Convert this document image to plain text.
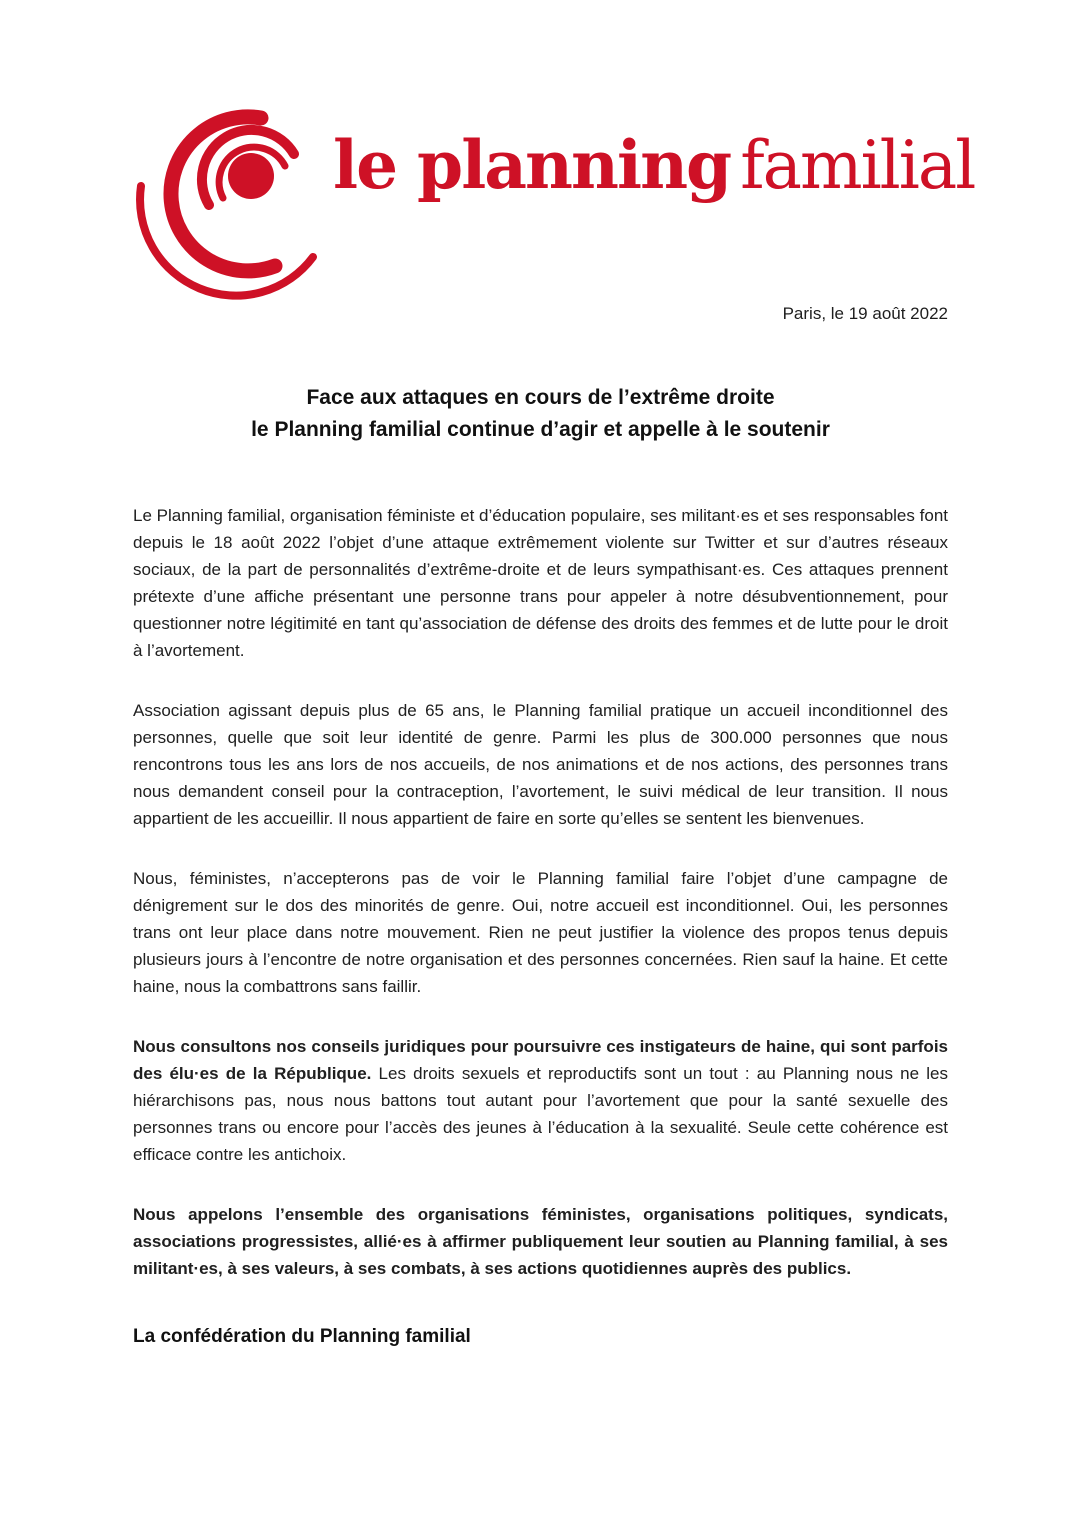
le planning familial
Paris, le 19 août 2022
Face aux attaques en cours de l’extrême droite
le Planning familial continue d’agir et appelle à le soutenir

Le Planning familial, organisation féministe et d’éducation populaire, ses militant·es et ses responsables font depuis le 18 août 2022 l’objet d’une attaque extrêmement violente sur Twitter et sur d’autres réseaux sociaux, de la part de personnalités d’extrême-droite et de leurs sympathisant·es. Ces attaques prennent prétexte d’une affiche présentant une personne trans pour appeler à notre désubventionnement, pour questionner notre légitimité en tant qu’association de défense des droits des femmes et de lutte pour le droit à l’avortement.

Association agissant depuis plus de 65 ans, le Planning familial pratique un accueil inconditionnel des personnes, quelle que soit leur identité de genre. Parmi les plus de 300.000 personnes que nous rencontrons tous les ans lors de nos accueils, de nos animations et de nos actions, des personnes trans nous demandent conseil pour la contraception, l’avortement, le suivi médical de leur transition. Il nous appartient de les accueillir. Il nous appartient de faire en sorte qu’elles se sentent les bienvenues.

Nous, féministes, n’accepterons pas de voir le Planning familial faire l’objet d’une campagne de dénigrement sur le dos des minorités de genre. Oui, notre accueil est inconditionnel. Oui, les personnes trans ont leur place dans notre mouvement. Rien ne peut justifier la violence des propos tenus depuis plusieurs jours à l’encontre de notre organisation et des personnes concernées. Rien sauf la haine. Et cette haine, nous la combattrons sans faillir.

Nous consultons nos conseils juridiques pour poursuivre ces instigateurs de haine, qui sont parfois des élu·es de la République. Les droits sexuels et reproductifs sont un tout : au Planning nous ne les hiérarchisons pas, nous nous battons tout autant pour l’avortement que pour la santé sexuelle des personnes trans ou encore pour l’accès des jeunes à l’éducation à la sexualité. Seule cette cohérence est efficace contre les antichoix.

Nous appelons l’ensemble des organisations féministes, organisations politiques, syndicats, associations progressistes, allié·es à affirmer publiquement leur soutien au Planning familial, à ses militant·es, à ses valeurs, à ses combats, à ses actions quotidiennes auprès des publics.

La confédération du Planning familial
